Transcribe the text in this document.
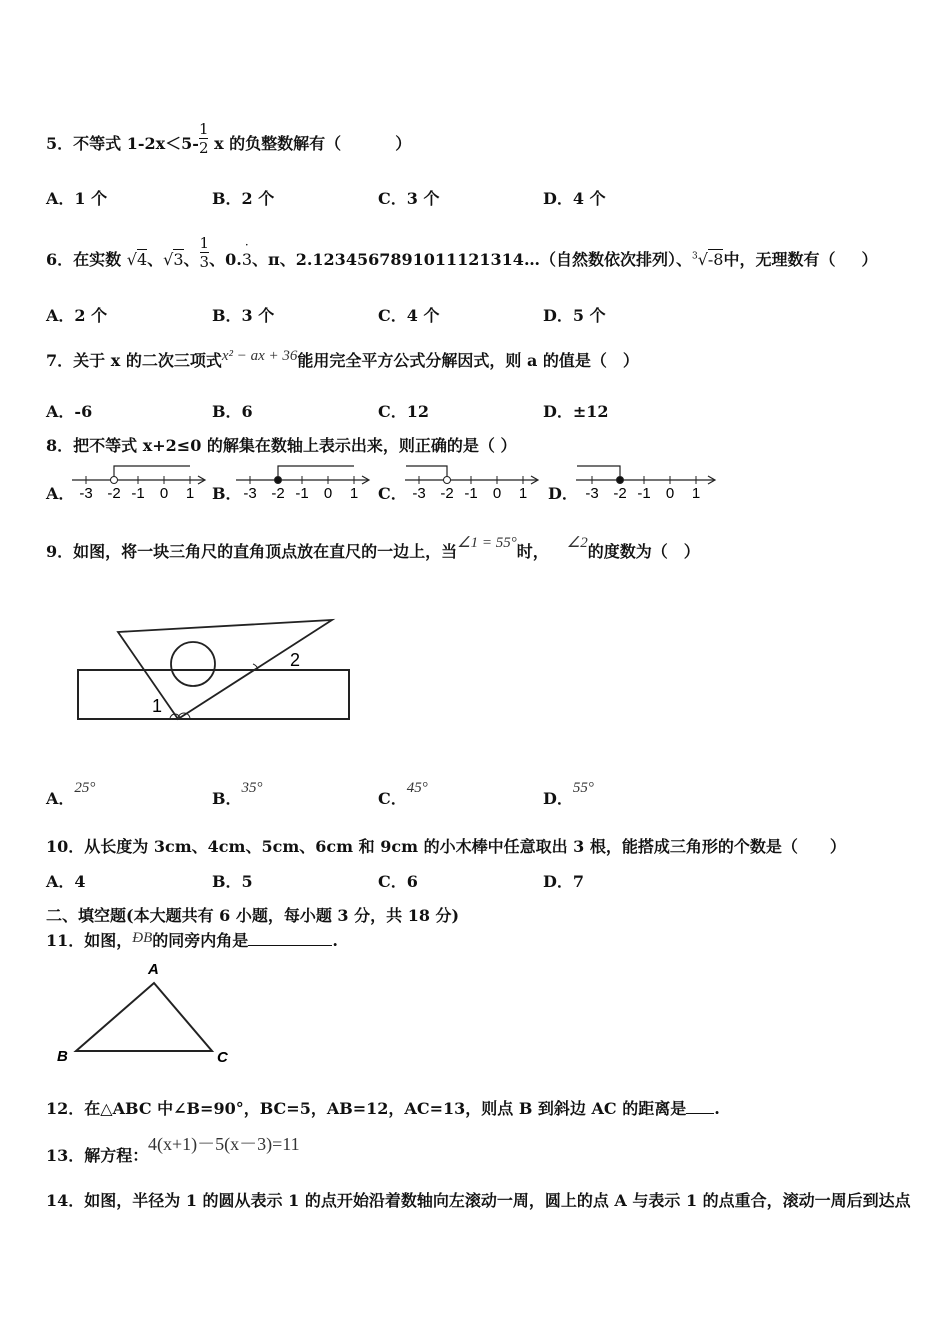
5．不等式 $1-2x<5- \frac{1}{2}$ x 的负整数解有（	）
A．1 个	B．2 个	C．3 个	D．4 个
6．在实数 √4、√3、 $\frac{1}{3}$ 、0.
·
3、π、2.1234567891011121314…（自然数依次排列）、$^3$√-8中，无理数有（ ）
A．2 个	B．3 个	C．4 个	D．5 个
7．关于 x 的二次三项式x² − ax + 36能用完全平方公式分解因式，则 a 的值是（　）
A．-6	B．6	C．12	D．±12
8．把不等式 x+2≤0 的解集在数轴上表示出来，则正确的是（ ）
A． -3 -2 -1 0 1 B． -3 -2 -1 0 1 C． -3 -2 -1 0 1 D． -3 -2 -1 0 1
9．如图，将一块三角尺的直角顶点放在直尺的一边上，当∠1 = 55°时， ∠2的度数为（　）
1
2
A．25°
B．35°
C．45°
D．55°
10．从长度为 3cm、4cm、5cm、6cm 和 9cm 的小木棒中任意取出 3 根，能搭成三角形的个数是（　　）
A．4	B．5	C．6	D．7
二、填空题(本大题共有 6 小题，每小题 3 分，共 18 分)
11．如图，ÐB的同旁内角是	.
A
B	C
12．在△ABC 中∠B=90°，BC=5，AB=12，AC=13，则点 B 到斜边 AC 的距离是 .
13．解方程：
4(x+1)－5(x－3)=11
14．如图，半径为 1 的圆从表示 1 的点开始沿着数轴向左滚动一周，圆上的点 A 与表示 1 的点重合，滚动一周后到达点
